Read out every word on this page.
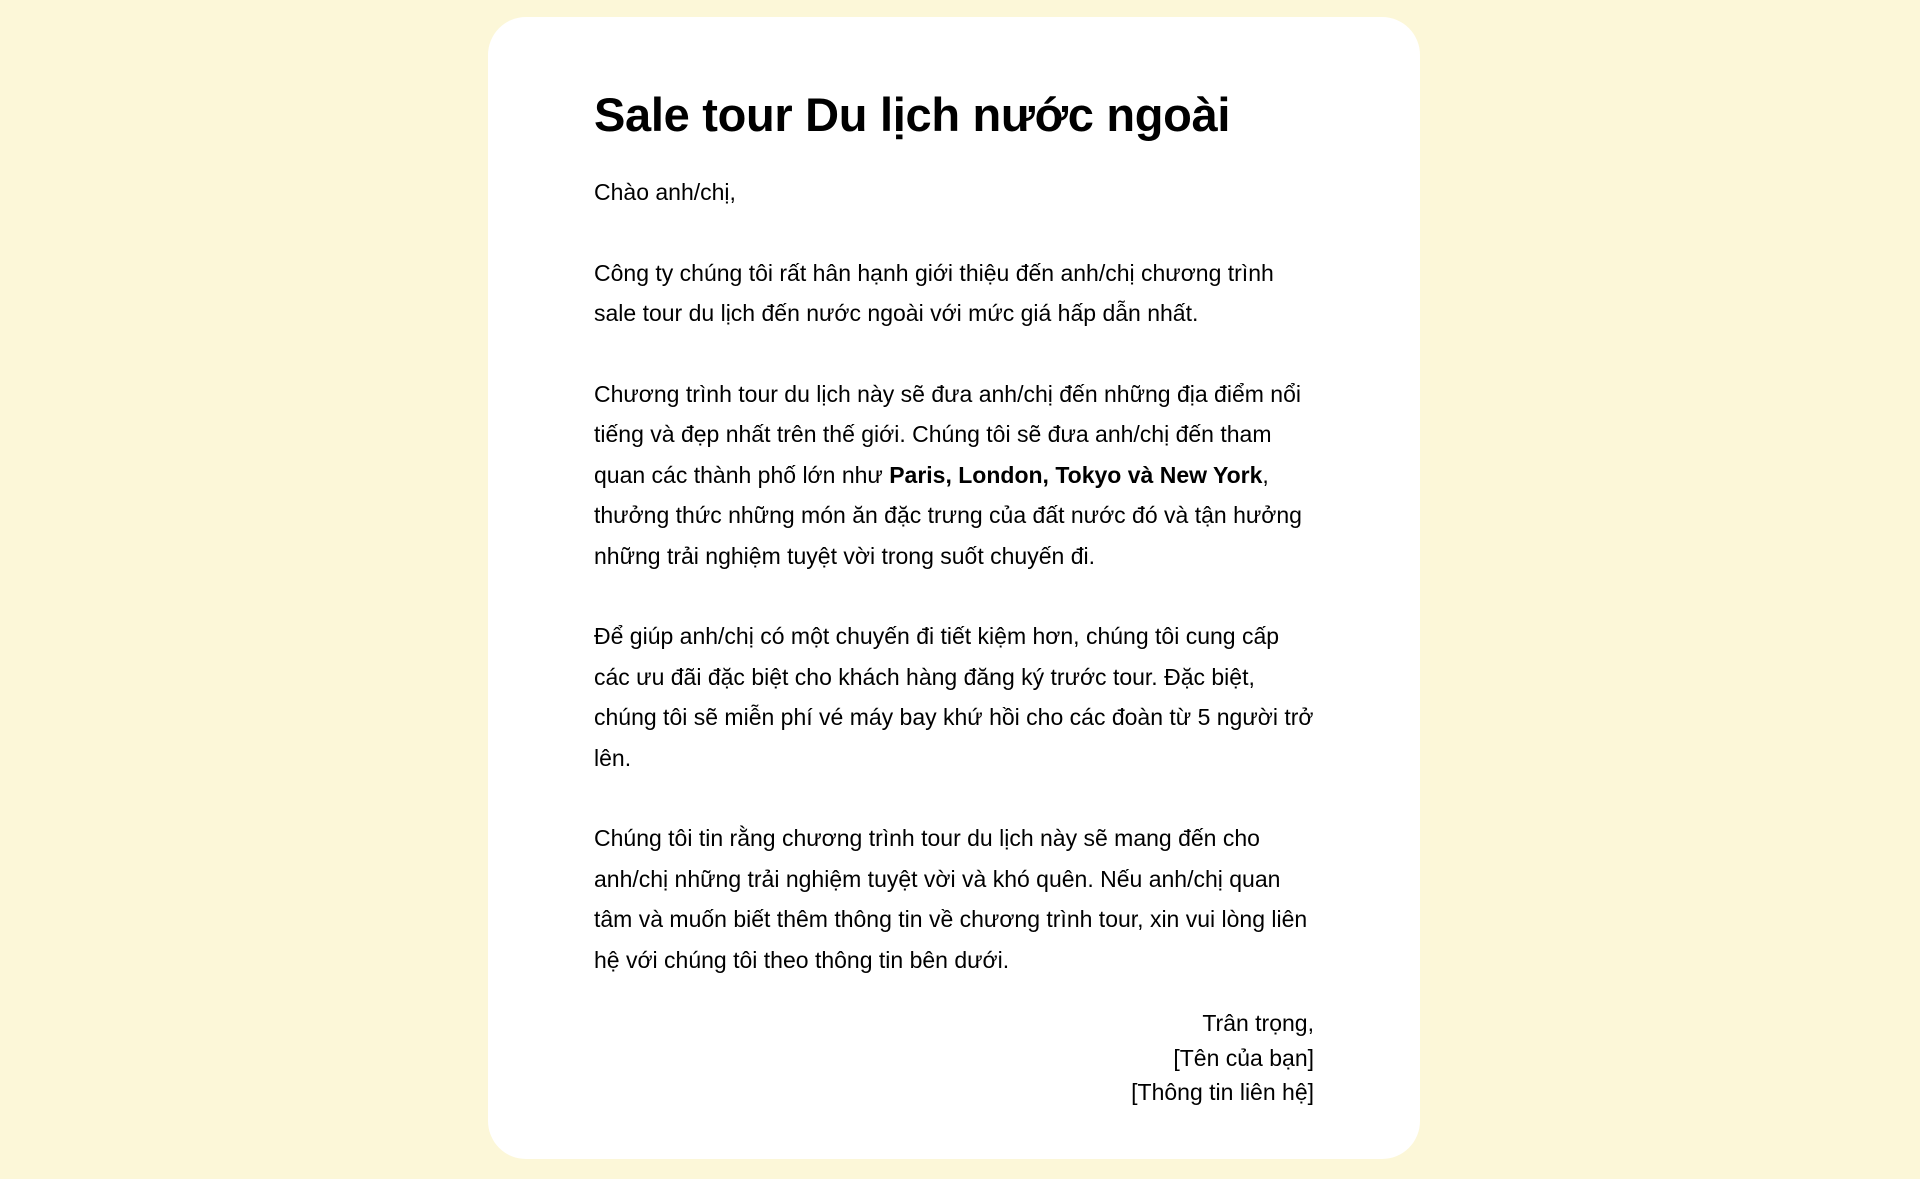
Sale tour Du lịch nước ngoài

Chào anh/chị,

Công ty chúng tôi rất hân hạnh giới thiệu đến anh/chị chương trình sale tour du lịch đến nước ngoài với mức giá hấp dẫn nhất.

Chương trình tour du lịch này sẽ đưa anh/chị đến những địa điểm nổi tiếng và đẹp nhất trên thế giới. Chúng tôi sẽ đưa anh/chị đến tham quan các thành phố lớn như Paris, London, Tokyo và New York, thưởng thức những món ăn đặc trưng của đất nước đó và tận hưởng những trải nghiệm tuyệt vời trong suốt chuyến đi.

Để giúp anh/chị có một chuyến đi tiết kiệm hơn, chúng tôi cung cấp các ưu đãi đặc biệt cho khách hàng đăng ký trước tour. Đặc biệt, chúng tôi sẽ miễn phí vé máy bay khứ hồi cho các đoàn từ 5 người trở lên.

Chúng tôi tin rằng chương trình tour du lịch này sẽ mang đến cho anh/chị những trải nghiệm tuyệt vời và khó quên. Nếu anh/chị quan tâm và muốn biết thêm thông tin về chương trình tour, xin vui lòng liên hệ với chúng tôi theo thông tin bên dưới.

Trân trọng,
[Tên của bạn]
[Thông tin liên hệ]
